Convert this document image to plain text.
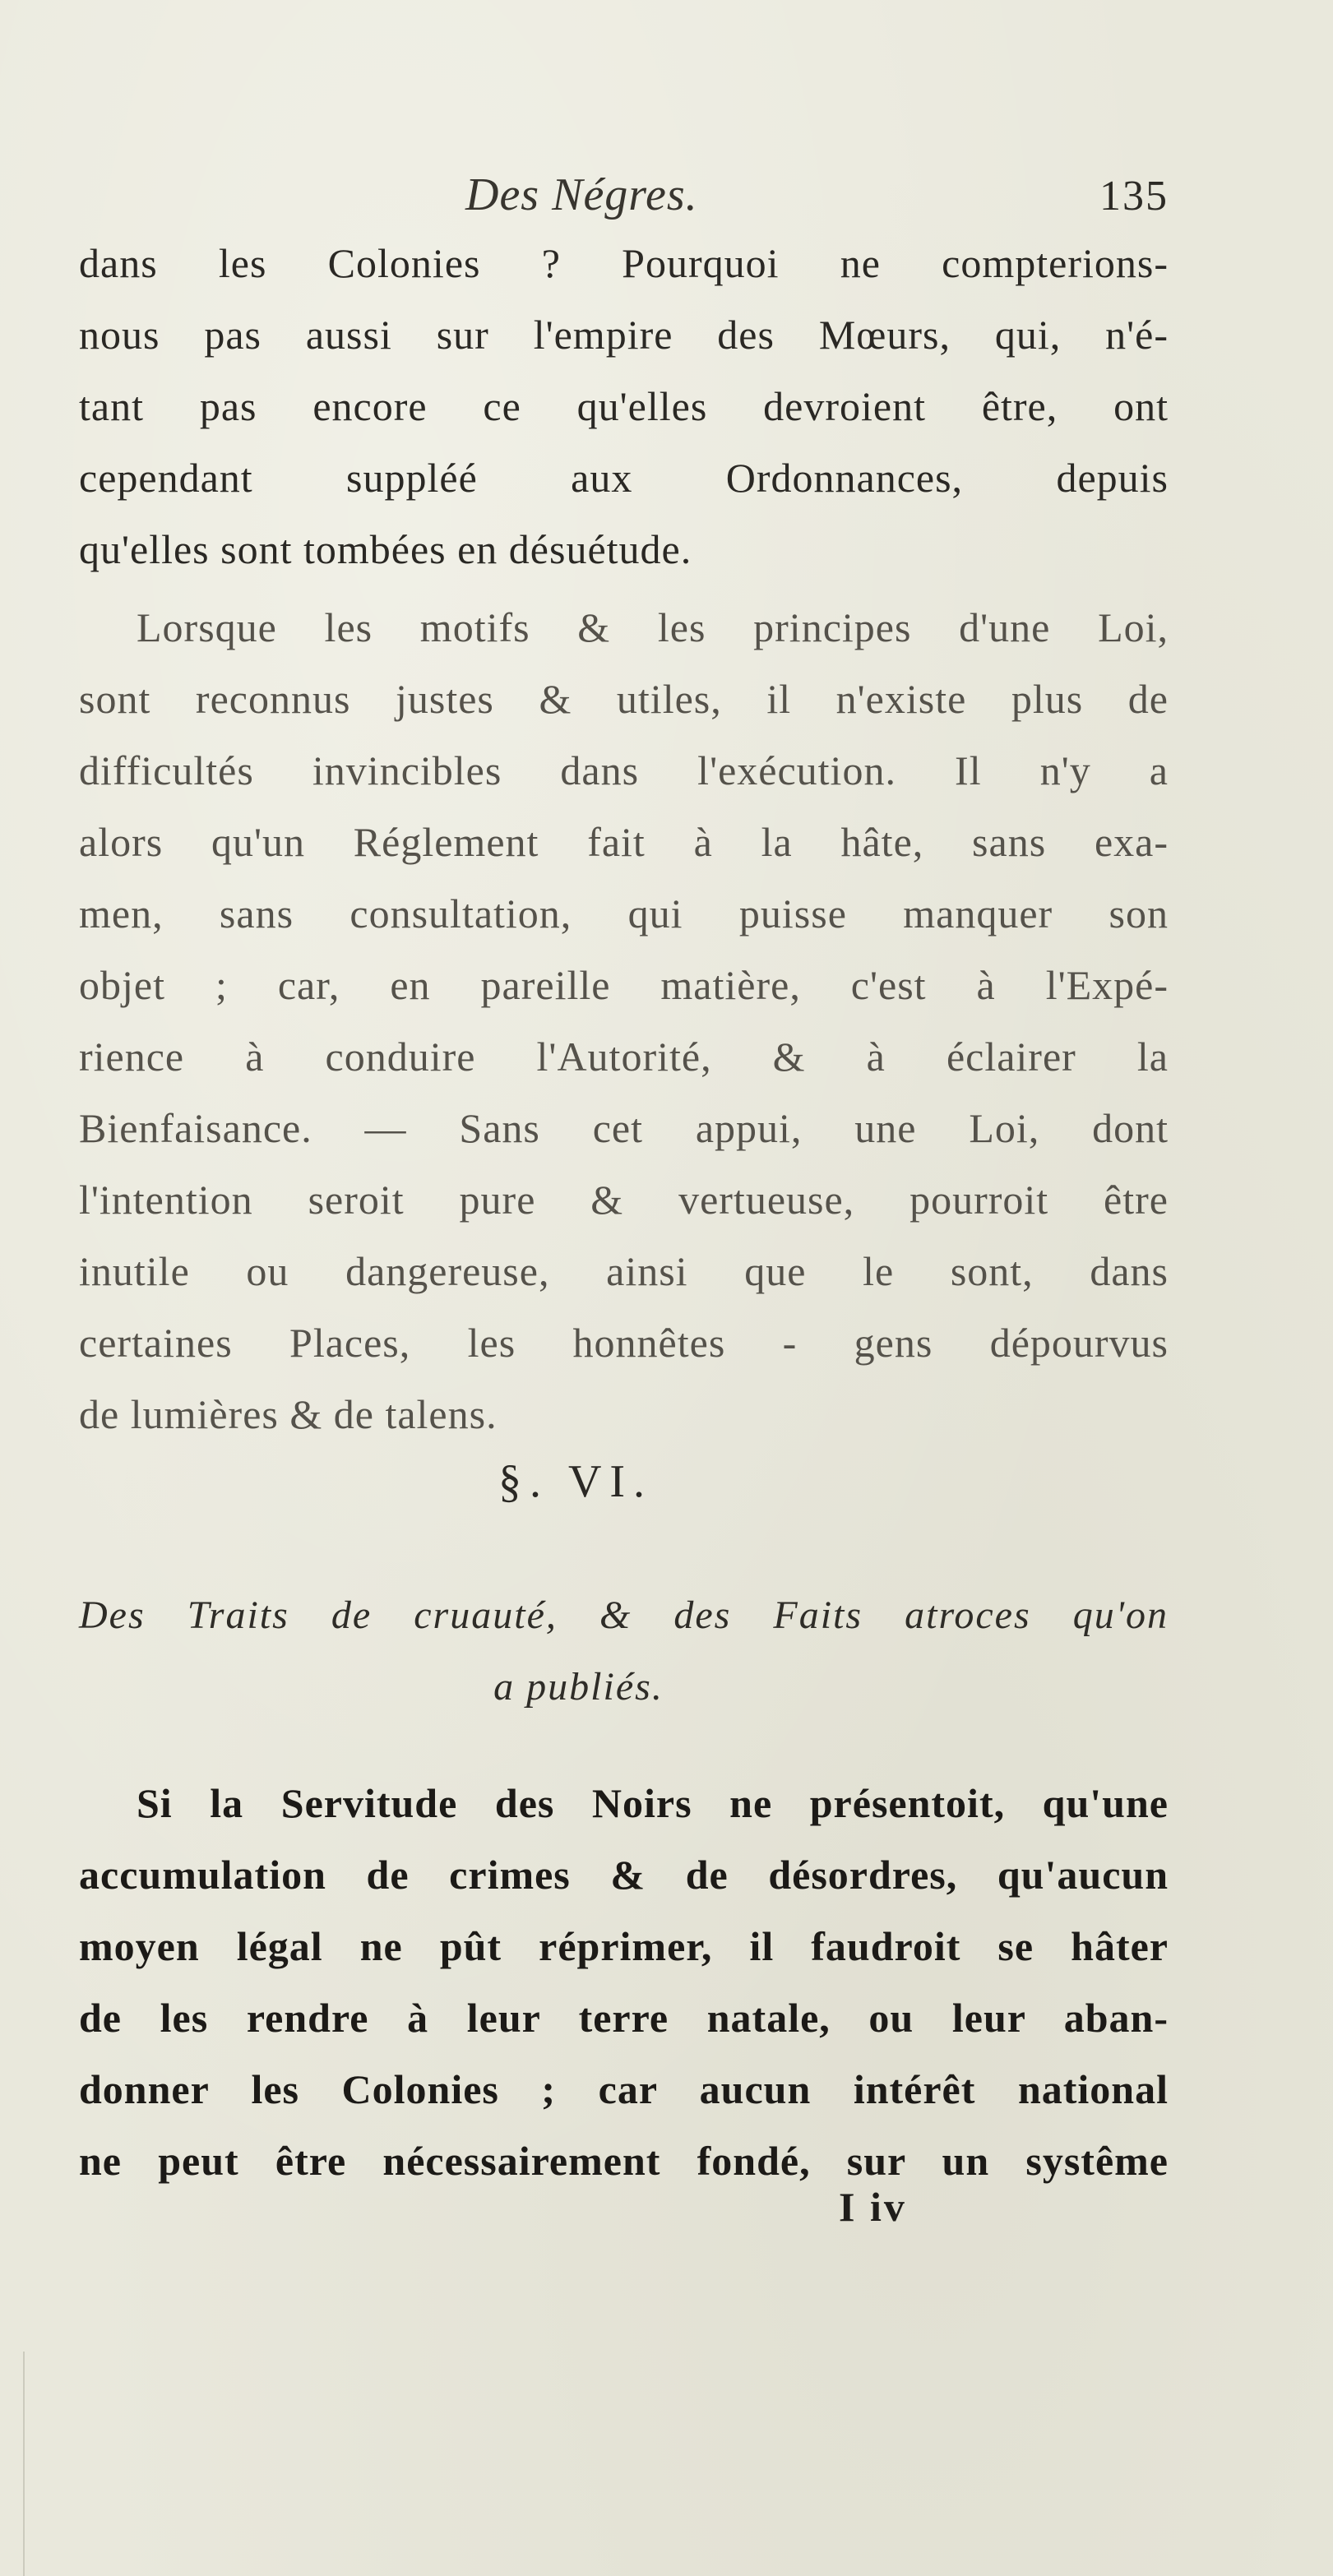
Des Négres.	135
dans les Colonies ? Pourquoi ne compterions-
nous pas aussi sur l'empire des Mœurs, qui, n'é-
tant pas encore ce qu'elles devroient être, ont
cependant suppléé aux Ordonnances, depuis
qu'elles sont tombées en désuétude.
Lorsque les motifs & les principes d'une Loi,
sont reconnus justes & utiles, il n'existe plus de
difficultés invincibles dans l'exécution. Il n'y a
alors qu'un Réglement fait à la hâte, sans exa-
men, sans consultation, qui puisse manquer son
objet ; car, en pareille matière, c'est à l'Expé-
rience à conduire l'Autorité, & à éclairer la
Bienfaisance. — Sans cet appui, une Loi, dont
l'intention seroit pure & vertueuse, pourroit être
inutile ou dangereuse, ainsi que le sont, dans
certaines Places, les honnêtes - gens dépourvus
de lumières & de talens.
§. VI.
Des Traits de cruauté, & des Faits atroces qu'on
a publiés.
Si la Servitude des Noirs ne présentoit, qu'une
accumulation de crimes & de désordres, qu'aucun
moyen légal ne pût réprimer, il faudroit se hâter
de les rendre à leur terre natale, ou leur aban-
donner les Colonies ; car aucun intérêt national
ne peut être nécessairement fondé, sur un systême
I iv
